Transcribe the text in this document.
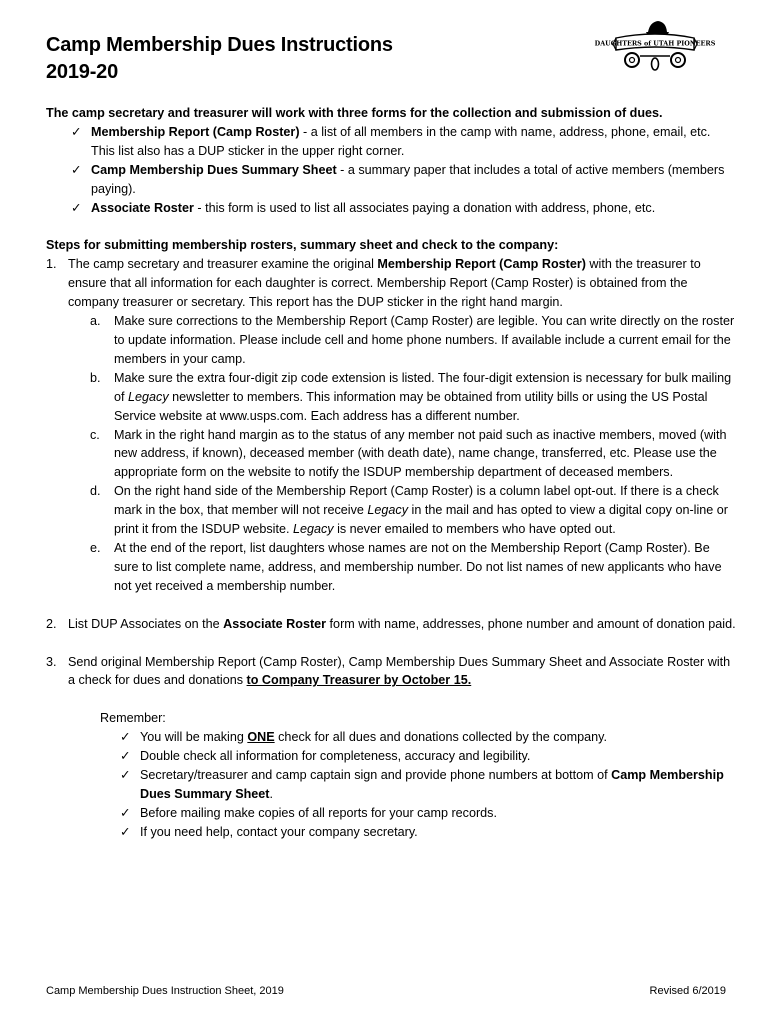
Camp Membership Dues Instructions
2019-20
DAUGHTERS of UTAH PIONEERS

The camp secretary and treasurer will work with three forms for the collection and submission of dues.

✓ Membership Report (Camp Roster) - a list of all members in the camp with name, address, phone, email, etc. This list also has a DUP sticker in the upper right corner.
✓ Camp Membership Dues Summary Sheet - a summary paper that includes a total of active members (members paying).
✓ Associate Roster - this form is used to list all associates paying a donation with address, phone, etc.

Steps for submitting membership rosters, summary sheet and check to the company:

1. The camp secretary and treasurer examine the original Membership Report (Camp Roster) with the treasurer to ensure that all information for each daughter is correct. Membership Report (Camp Roster) is obtained from the company treasurer or secretary. This report has the DUP sticker in the right hand margin.
a. Make sure corrections to the Membership Report (Camp Roster) are legible. You can write directly on the roster to update information. Please include cell and home phone numbers. If available include a current email for the members in your camp.
b. Make sure the extra four-digit zip code extension is listed. The four-digit extension is necessary for bulk mailing of Legacy newsletter to members. This information may be obtained from utility bills or using the US Postal Service website at www.usps.com. Each address has a different number.
c. Mark in the right hand margin as to the status of any member not paid such as inactive members, moved (with new address, if known), deceased member (with death date), name change, transferred, etc. Please use the appropriate form on the website to notify the ISDUP membership department of deceased members.
d. On the right hand side of the Membership Report (Camp Roster) is a column label opt-out. If there is a check mark in the box, that member will not receive Legacy in the mail and has opted to view a digital copy on-line or print it from the ISDUP website. Legacy is never emailed to members who have opted out.
e. At the end of the report, list daughters whose names are not on the Membership Report (Camp Roster). Be sure to list complete name, address, and membership number. Do not list names of new applicants who have not yet received a membership number.
2. List DUP Associates on the Associate Roster form with name, addresses, phone number and amount of donation paid.
3. Send original Membership Report (Camp Roster), Camp Membership Dues Summary Sheet and Associate Roster with a check for dues and donations to Company Treasurer by October 15.

Remember:

✓ You will be making ONE check for all dues and donations collected by the company.
✓ Double check all information for completeness, accuracy and legibility.
✓ Secretary/treasurer and camp captain sign and provide phone numbers at bottom of Camp Membership Dues Summary Sheet.
✓ Before mailing make copies of all reports for your camp records.
✓ If you need help, contact your company secretary.
Camp Membership Dues Instruction Sheet, 2019	Revised 6/2019
